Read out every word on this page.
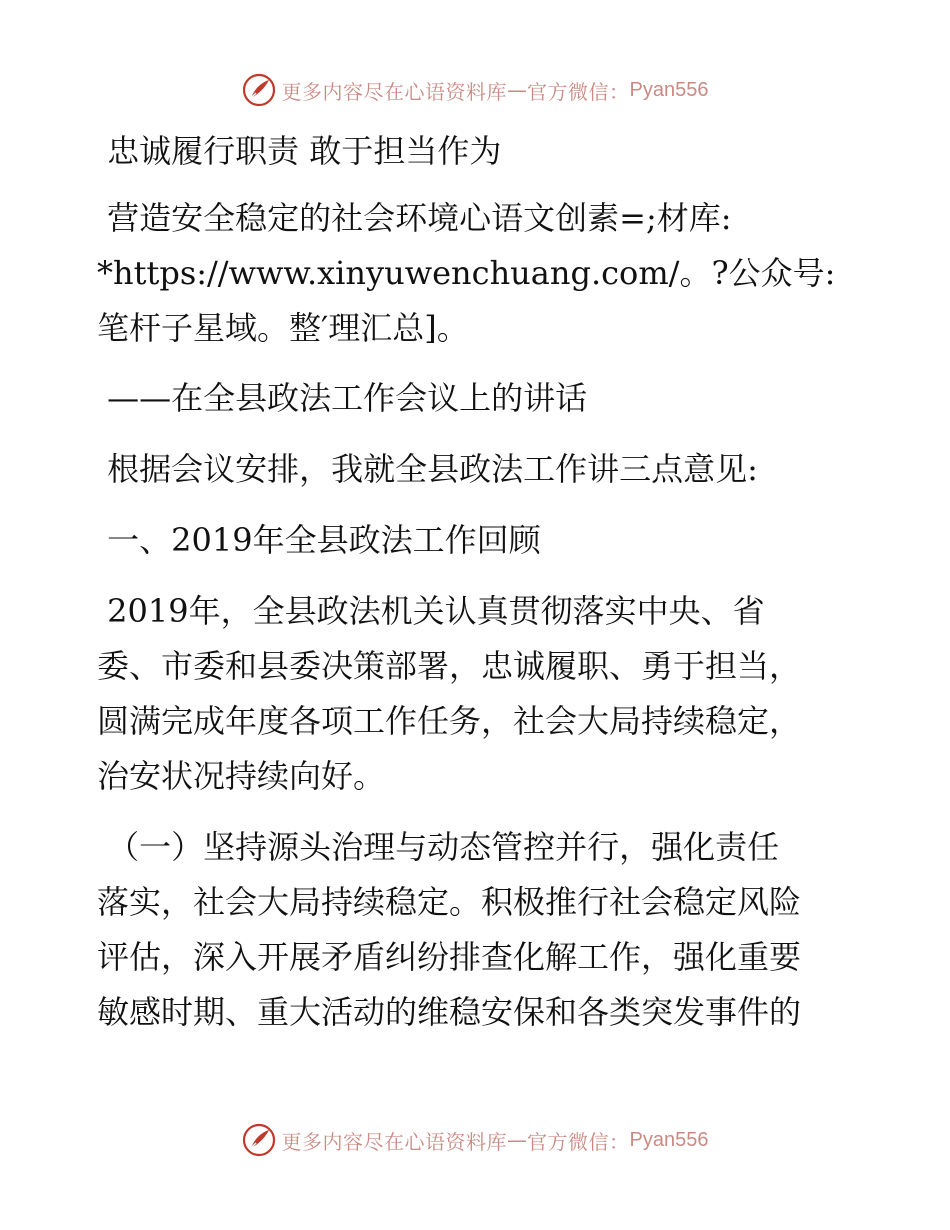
更多内容尽在心语资料库 — 官方微信： Pyan556

忠诚履行职责 敢于担当作为

营造安全稳定的社会环境心语文创素=;材库:
*https://www.xinyuwenchuang.com/。?公众号:
笔杆子星域。整′理汇总]。

——在全县政法工作会议上的讲话

根据会议安排，我就全县政法工作讲三点意见:

一、2019年全县政法工作回顾

2019年，全县政法机关认真贯彻落实中央、省
委、市委和县委决策部署，忠诚履职、勇于担当，
圆满完成年度各项工作任务，社会大局持续稳定，
治安状况持续向好。

（一）坚持源头治理与动态管控并行，强化责任
落实，社会大局持续稳定。积极推行社会稳定风险
评估，深入开展矛盾纠纷排查化解工作，强化重要
敏感时期、重大活动的维稳安保和各类突发事件的

更多内容尽在心语资料库 — 官方微信： Pyan556
